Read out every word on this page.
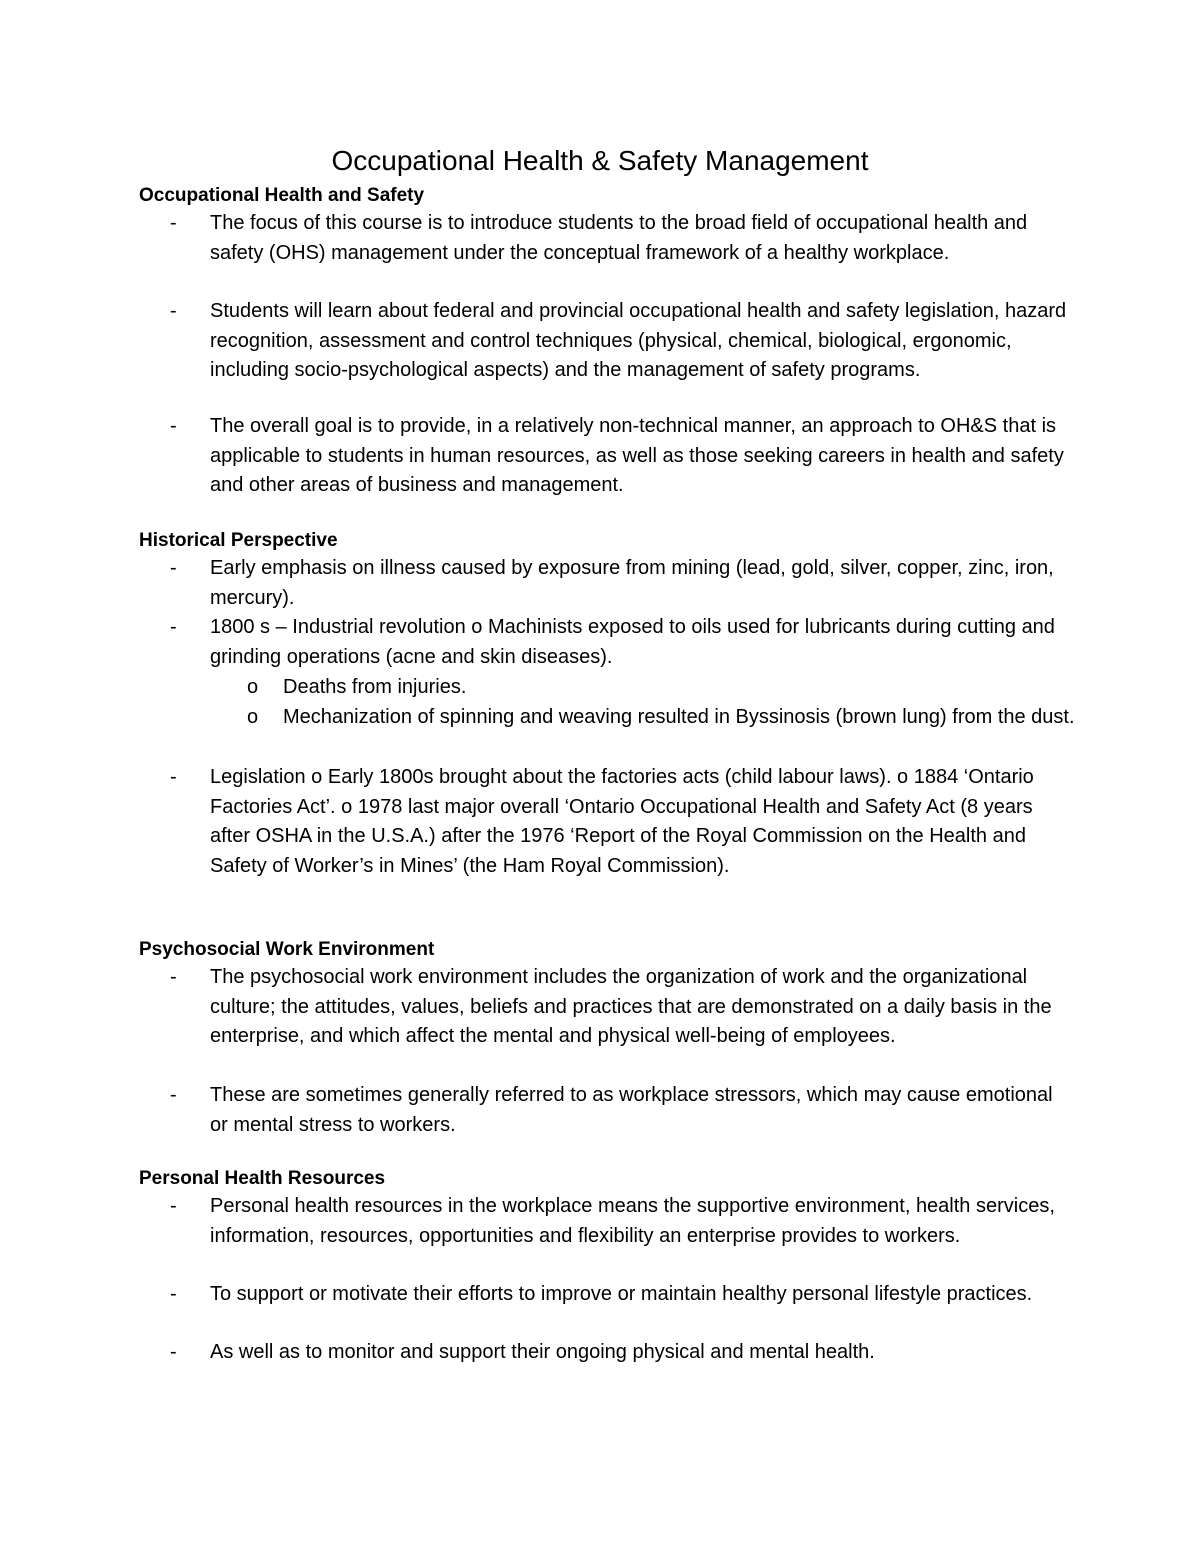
Occupational Health & Safety Management
Occupational Health and Safety
-	The focus of this course is to introduce students to the broad field of occupational health and safety (OHS) management under the conceptual framework of a healthy workplace.
-	Students will learn about federal and provincial occupational health and safety legislation, hazard recognition, assessment and control techniques (physical, chemical, biological, ergonomic, including socio-psychological aspects) and the management of safety programs.
-	The overall goal is to provide, in a relatively non-technical manner, an approach to OH&S that is applicable to students in human resources, as well as those seeking careers in health and safety and other areas of business and management.
Historical Perspective
-	Early emphasis on illness caused by exposure from mining (lead, gold, silver, copper, zinc, iron, mercury).
-	1800 s – Industrial revolution o Machinists exposed to oils used for lubricants during cutting and grinding operations (acne and skin diseases).
o	Deaths from injuries.
o	Mechanization of spinning and weaving resulted in Byssinosis (brown lung) from the dust.
-	Legislation o Early 1800s brought about the factories acts (child labour laws). o 1884 ‘Ontario Factories Act’. o 1978 last major overall ‘Ontario Occupational Health and Safety Act (8 years after OSHA in the U.S.A.) after the 1976 ‘Report of the Royal Commission on the Health and Safety of Worker’s in Mines’ (the Ham Royal Commission).
Psychosocial Work Environment
-	The psychosocial work environment includes the organization of work and the organizational culture; the attitudes, values, beliefs and practices that are demonstrated on a daily basis in the enterprise, and which affect the mental and physical well-being of employees.
-	These are sometimes generally referred to as workplace stressors, which may cause emotional or mental stress to workers.
Personal Health Resources
-	Personal health resources in the workplace means the supportive environment, health services, information, resources, opportunities and flexibility an enterprise provides to workers.
-	To support or motivate their efforts to improve or maintain healthy personal lifestyle practices.
-	As well as to monitor and support their ongoing physical and mental health.
